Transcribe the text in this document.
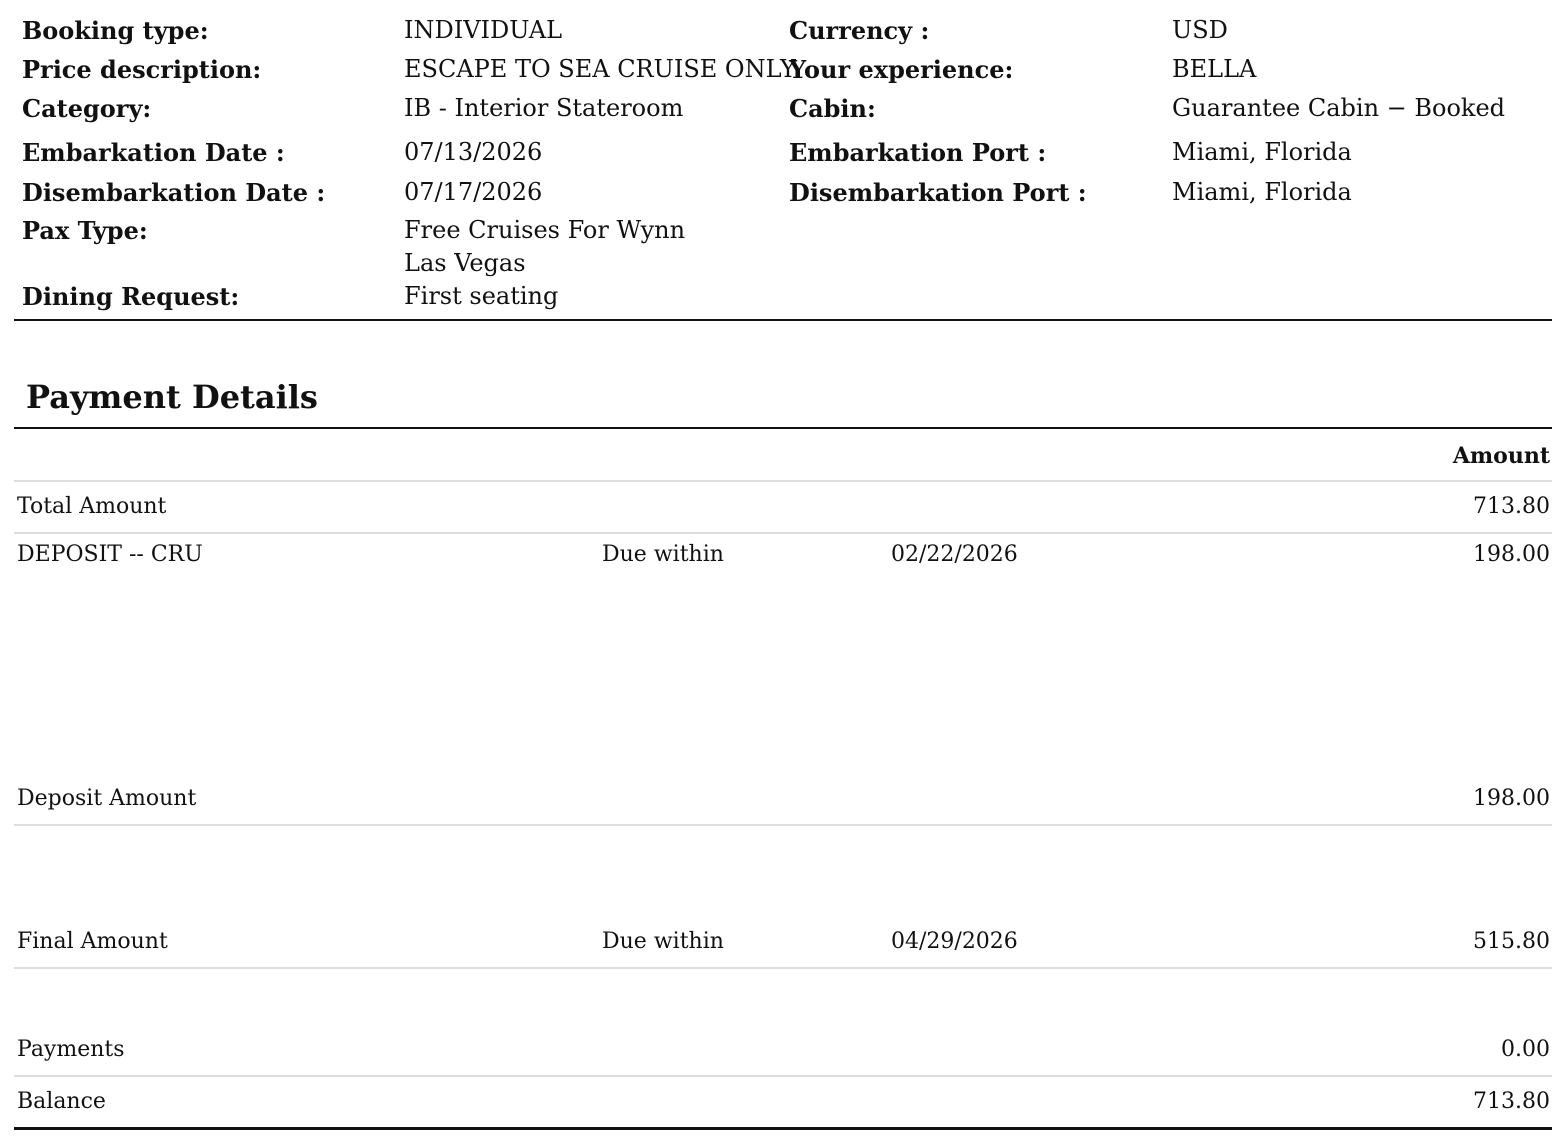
Booking type:	INDIVIDUAL	Currency :	USD
Price description:	ESCAPE TO SEA CRUISE ONLY
Your experience:	BELLA
Category:	IB - Interior Stateroom	Cabin:	Guarantee Cabin − Booked
Embarkation Date :	07/13/2026	Embarkation Port :	Miami, Florida
Disembarkation Date :	07/17/2026	Disembarkation Port :	Miami, Florida
Pax Type:	Free Cruises For Wynn Las Vegas
Dining Request:	First seating
Payment Details
Amount
Total Amount	713.80
DEPOSIT -- CRU	Due within	02/22/2026	198.00
Deposit Amount	198.00
Final Amount	Due within	04/29/2026	515.80
Payments	0.00
Balance	713.80
